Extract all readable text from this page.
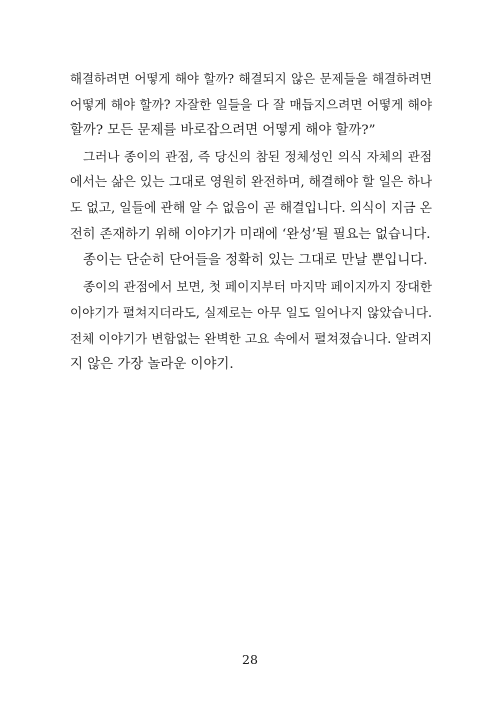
해결하려면 어떻게 해야 할까? 해결되지 않은 문제들을 해결하려면
어떻게 해야 할까? 자잘한 일들을 다 잘 매듭지으려면 어떻게 해야
할까? 모든 문제를 바로잡으려면 어떻게 해야 할까?”
그러나 종이의 관점, 즉 당신의 참된 정체성인 의식 자체의 관점
에서는 삶은 있는 그대로 영원히 완전하며, 해결해야 할 일은 하나
도 없고, 일들에 관해 알 수 없음이 곧 해결입니다. 의식이 지금 온
전히 존재하기 위해 이야기가 미래에 ‘완성’될 필요는 없습니다.
종이는 단순히 단어들을 정확히 있는 그대로 만날 뿐입니다.
종이의 관점에서 보면, 첫 페이지부터 마지막 페이지까지 장대한
이야기가 펼쳐지더라도, 실제로는 아무 일도 일어나지 않았습니다.
전체 이야기가 변함없는 완벽한 고요 속에서 펼쳐졌습니다. 알려지
지 않은 가장 놀라운 이야기.
28
